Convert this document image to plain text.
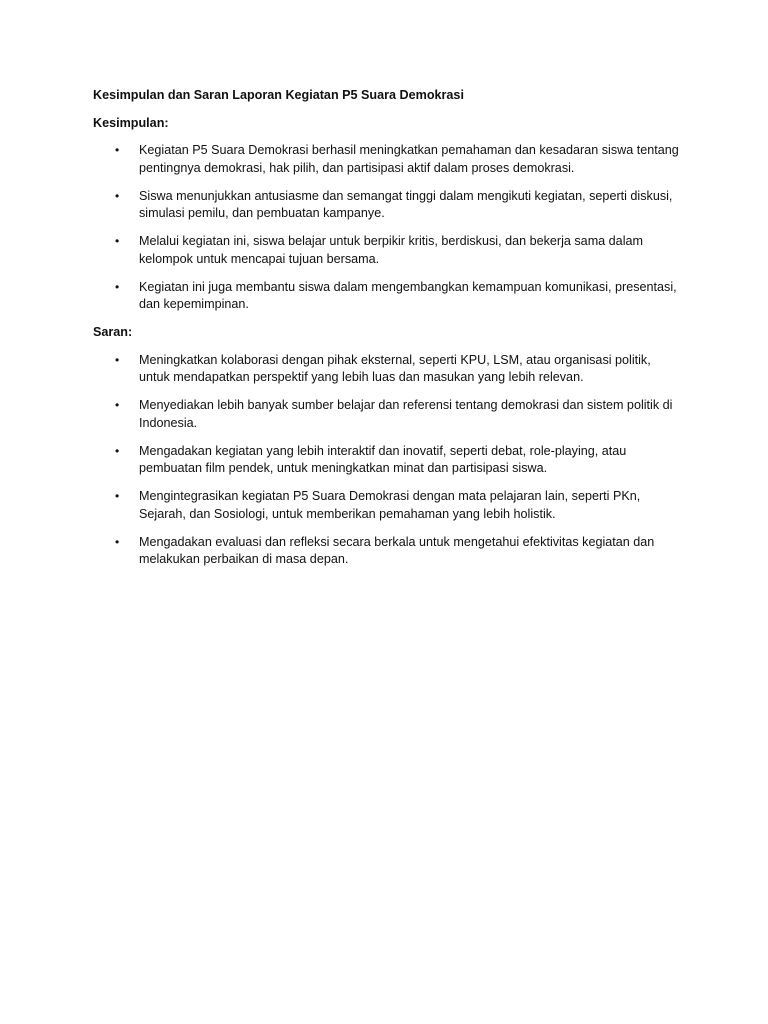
Kesimpulan dan Saran Laporan Kegiatan P5 Suara Demokrasi

Kesimpulan:

• Kegiatan P5 Suara Demokrasi berhasil meningkatkan pemahaman dan kesadaran siswa tentang pentingnya demokrasi, hak pilih, dan partisipasi aktif dalam proses demokrasi.
• Siswa menunjukkan antusiasme dan semangat tinggi dalam mengikuti kegiatan, seperti diskusi, simulasi pemilu, dan pembuatan kampanye.
• Melalui kegiatan ini, siswa belajar untuk berpikir kritis, berdiskusi, dan bekerja sama dalam kelompok untuk mencapai tujuan bersama.
• Kegiatan ini juga membantu siswa dalam mengembangkan kemampuan komunikasi, presentasi, dan kepemimpinan.

Saran:

• Meningkatkan kolaborasi dengan pihak eksternal, seperti KPU, LSM, atau organisasi politik, untuk mendapatkan perspektif yang lebih luas dan masukan yang lebih relevan.
• Menyediakan lebih banyak sumber belajar dan referensi tentang demokrasi dan sistem politik di Indonesia.
• Mengadakan kegiatan yang lebih interaktif dan inovatif, seperti debat, role-playing, atau pembuatan film pendek, untuk meningkatkan minat dan partisipasi siswa.
• Mengintegrasikan kegiatan P5 Suara Demokrasi dengan mata pelajaran lain, seperti PKn, Sejarah, dan Sosiologi, untuk memberikan pemahaman yang lebih holistik.
• Mengadakan evaluasi dan refleksi secara berkala untuk mengetahui efektivitas kegiatan dan melakukan perbaikan di masa depan.
